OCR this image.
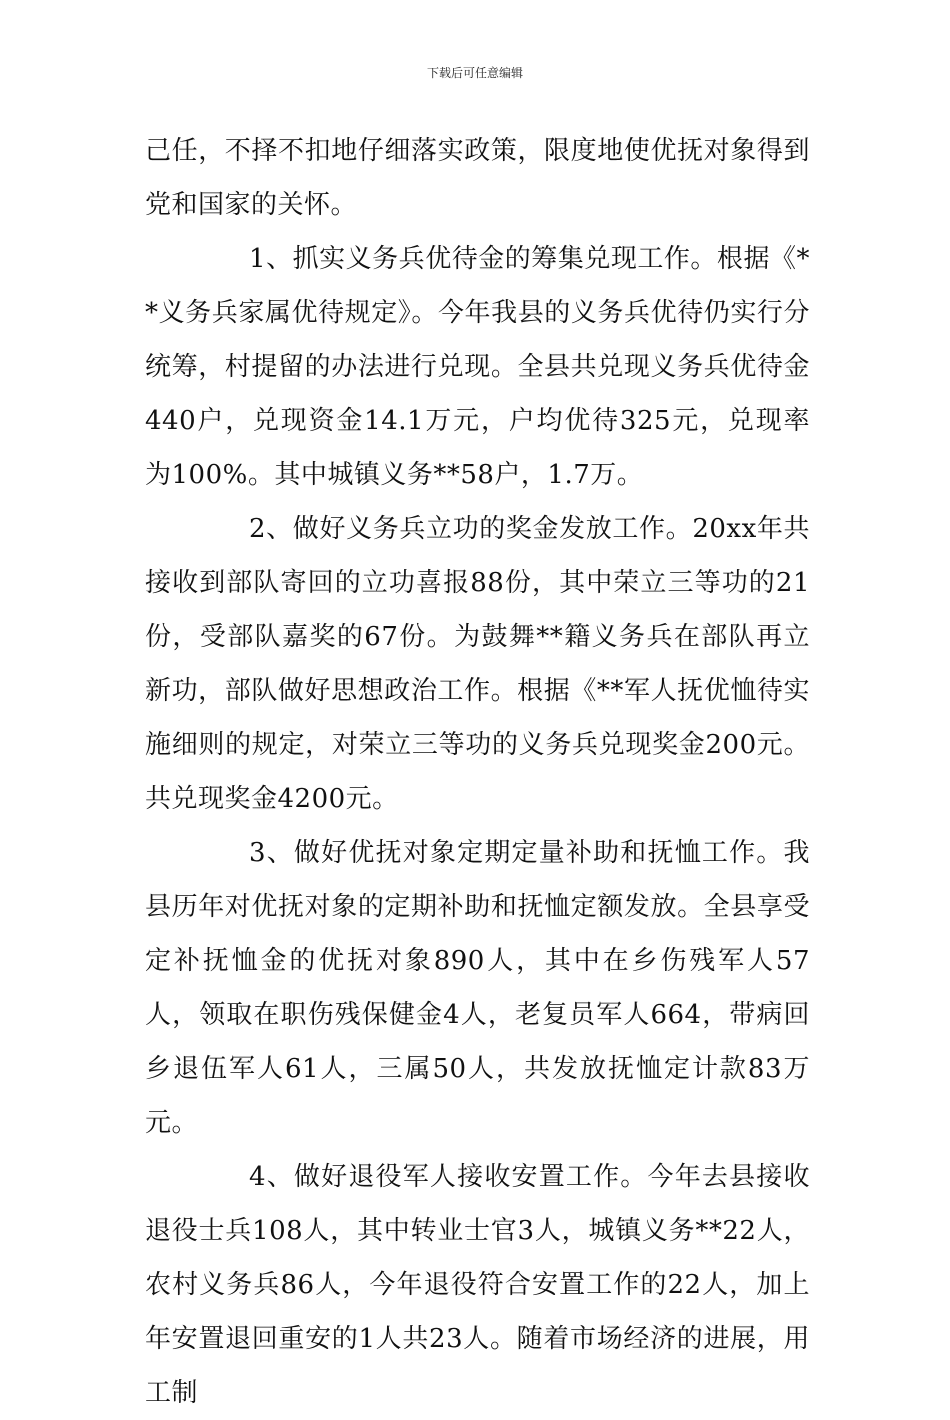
下载后可任意编辑

己任，不择不扣地仔细落实政策，限度地使优抚对象得到党和国家的关怀。

1、抓实义务兵优待金的筹集兑现工作。根据《**义务兵家属优待规定》。今年我县的义务兵优待仍实行分统筹，村提留的办法进行兑现。全县共兑现义务兵优待金440户，兑现资金14.1万元，户均优待325元，兑现率为100%。其中城镇义务**58户，1.7万。

2、做好义务兵立功的奖金发放工作。20xx年共接收到部队寄回的立功喜报88份，其中荣立三等功的21份，受部队嘉奖的67份。为鼓舞**籍义务兵在部队再立新功，部队做好思想政治工作。根据《**军人抚优恤待实施细则的规定，对荣立三等功的义务兵兑现奖金200元。共兑现奖金4200元。

3、做好优抚对象定期定量补助和抚恤工作。我县历年对优抚对象的定期补助和抚恤定额发放。全县享受定补抚恤金的优抚对象890人，其中在乡伤残军人57人，领取在职伤残保健金4人，老复员军人664，带病回乡退伍军人61人，三属50人，共发放抚恤定计款83万元。

4、做好退役军人接收安置工作。今年去县接收退役士兵108人，其中转业士官3人，城镇义务**22人，农村义务兵86人，今年退役符合安置工作的22人，加上年安置退回重安的1人共23人。随着市场经济的进展，用工制
